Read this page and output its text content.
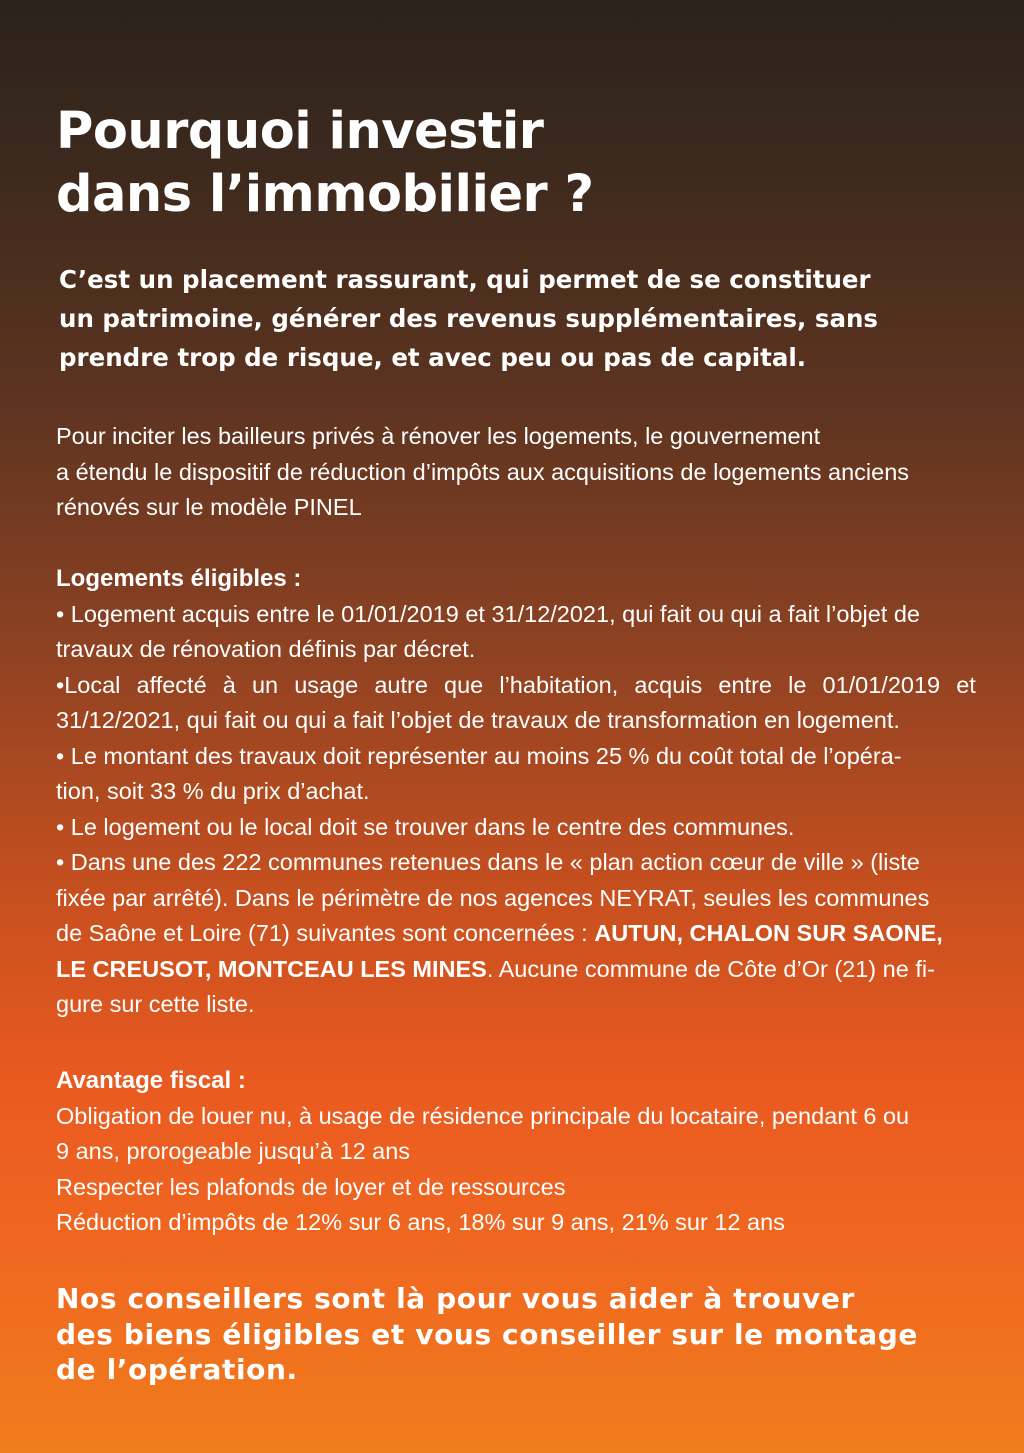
Pourquoi investir
dans l’immobilier ?

C’est un placement rassurant, qui permet de se constituer
un patrimoine, générer des revenus supplémentaires, sans
prendre trop de risque, et avec peu ou pas de capital.

Pour inciter les bailleurs privés à rénover les logements, le gouvernement
a étendu le dispositif de réduction d’impôts aux acquisitions de logements anciens
rénovés sur le modèle PINEL

Logements éligibles :
• Logement acquis entre le 01/01/2019 et 31/12/2021, qui fait ou qui a fait l’objet de
travaux de rénovation définis par décret.
•Local affecté à un usage autre que l’habitation, acquis entre le 01/01/2019 et
31/12/2021, qui fait ou qui a fait l’objet de travaux de transformation en logement.
• Le montant des travaux doit représenter au moins 25 % du coût total de l’opéra-
tion, soit 33 % du prix d’achat.
• Le logement ou le local doit se trouver dans le centre des communes.
• Dans une des 222 communes retenues dans le « plan action cœur de ville » (liste
fixée par arrêté). Dans le périmètre de nos agences NEYRAT, seules les communes
de Saône et Loire (71) suivantes sont concernées : AUTUN, CHALON SUR SAONE,
LE CREUSOT, MONTCEAU LES MINES. Aucune commune de Côte d’Or (21) ne fi-
gure sur cette liste.
Avantage fiscal :
Obligation de louer nu, à usage de résidence principale du locataire, pendant 6 ou
9 ans, prorogeable jusqu’à 12 ans
Respecter les plafonds de loyer et de ressources
Réduction d’impôts de 12% sur 6 ans, 18% sur 9 ans, 21% sur 12 ans

Nos conseillers sont là pour vous aider à trouver
des biens éligibles et vous conseiller sur le montage
de l’opération.
